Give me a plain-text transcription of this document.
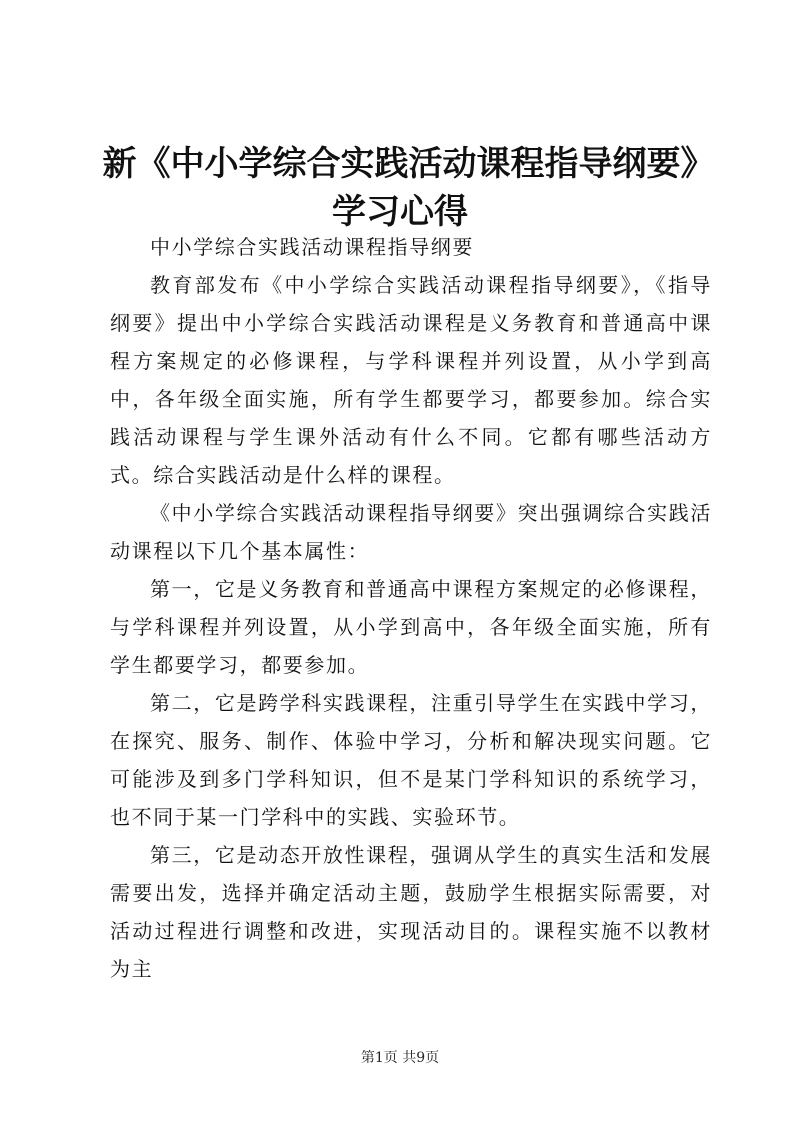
新《中小学综合实践活动课程指导纲要》学习心得

中小学综合实践活动课程指导纲要

教育部发布《中小学综合实践活动课程指导纲要》，《指导纲要》提出中小学综合实践活动课程是义务教育和普通高中课程方案规定的必修课程，与学科课程并列设置，从小学到高中，各年级全面实施，所有学生都要学习，都要参加。综合实践活动课程与学生课外活动有什么不同。它都有哪些活动方式。综合实践活动是什么样的课程。

《中小学综合实践活动课程指导纲要》突出强调综合实践活动课程以下几个基本属性：

第一，它是义务教育和普通高中课程方案规定的必修课程，与学科课程并列设置，从小学到高中，各年级全面实施，所有学生都要学习，都要参加。

第二，它是跨学科实践课程，注重引导学生在实践中学习，在探究、服务、制作、体验中学习，分析和解决现实问题。它可能涉及到多门学科知识，但不是某门学科知识的系统学习，也不同于某一门学科中的实践、实验环节。

第三，它是动态开放性课程，强调从学生的真实生活和发展需要出发，选择并确定活动主题，鼓励学生根据实际需要，对活动过程进行调整和改进，实现活动目的。课程实施不以教材为主

第1页 共9页
